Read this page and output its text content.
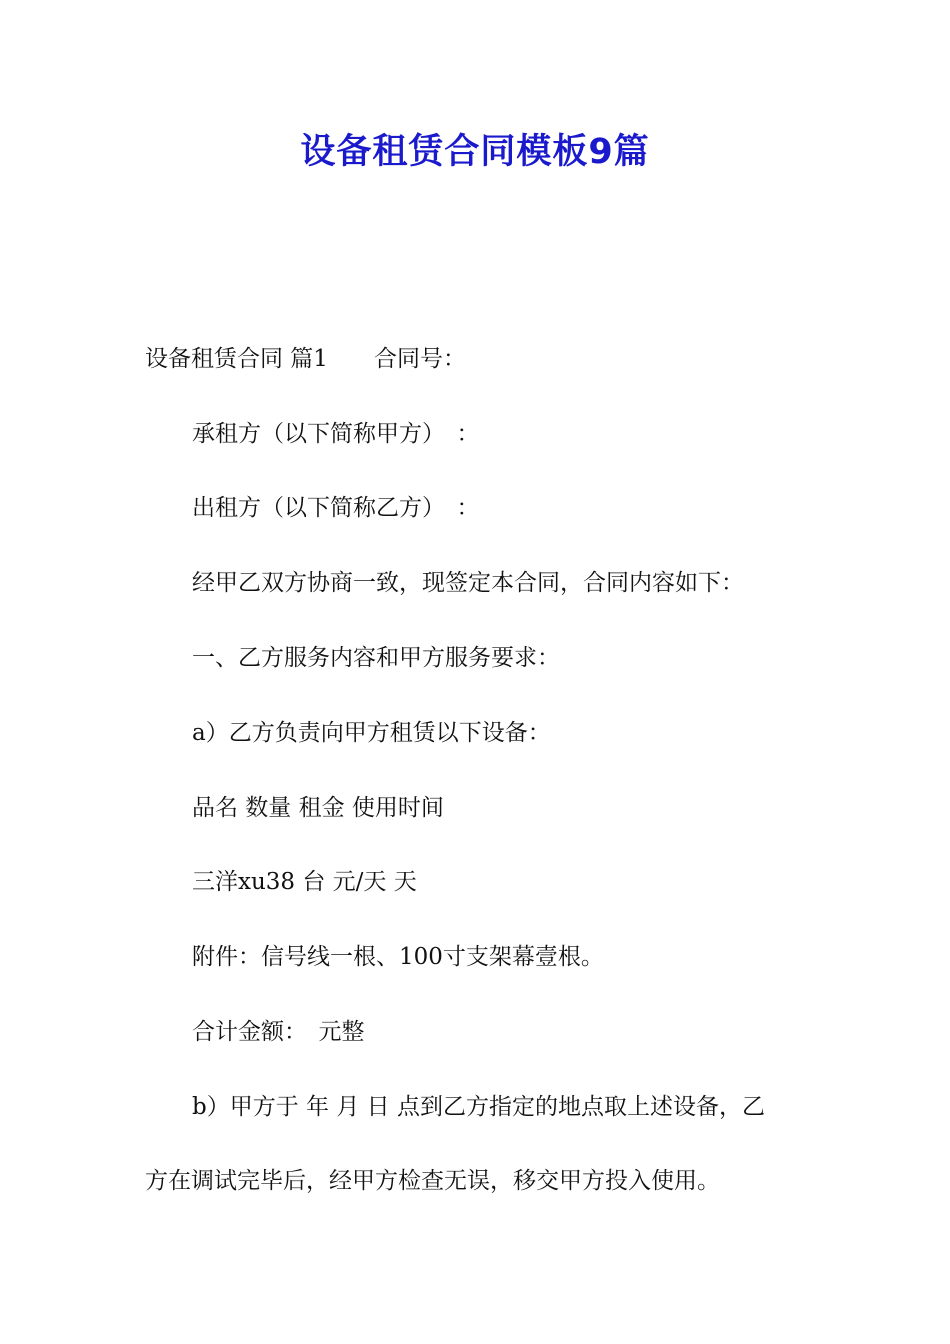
设备租赁合同模板9篇
设备租赁合同 篇1 合同号：
承租方（以下简称甲方）　：
出租方（以下简称乙方）　：
经甲乙双方协商一致，现签定本合同，合同内容如下：
一、乙方服务内容和甲方服务要求：
a）乙方负责向甲方租赁以下设备：
品名 数量 租金 使用时间
三洋xu38 台 元/天 天
附件：信号线一根、100寸支架幕壹根。
合计金额：　元整
b）甲方于 年 月 日 点到乙方指定的地点取上述设备，乙
方在调试完毕后，经甲方检查无误，移交甲方投入使用。
